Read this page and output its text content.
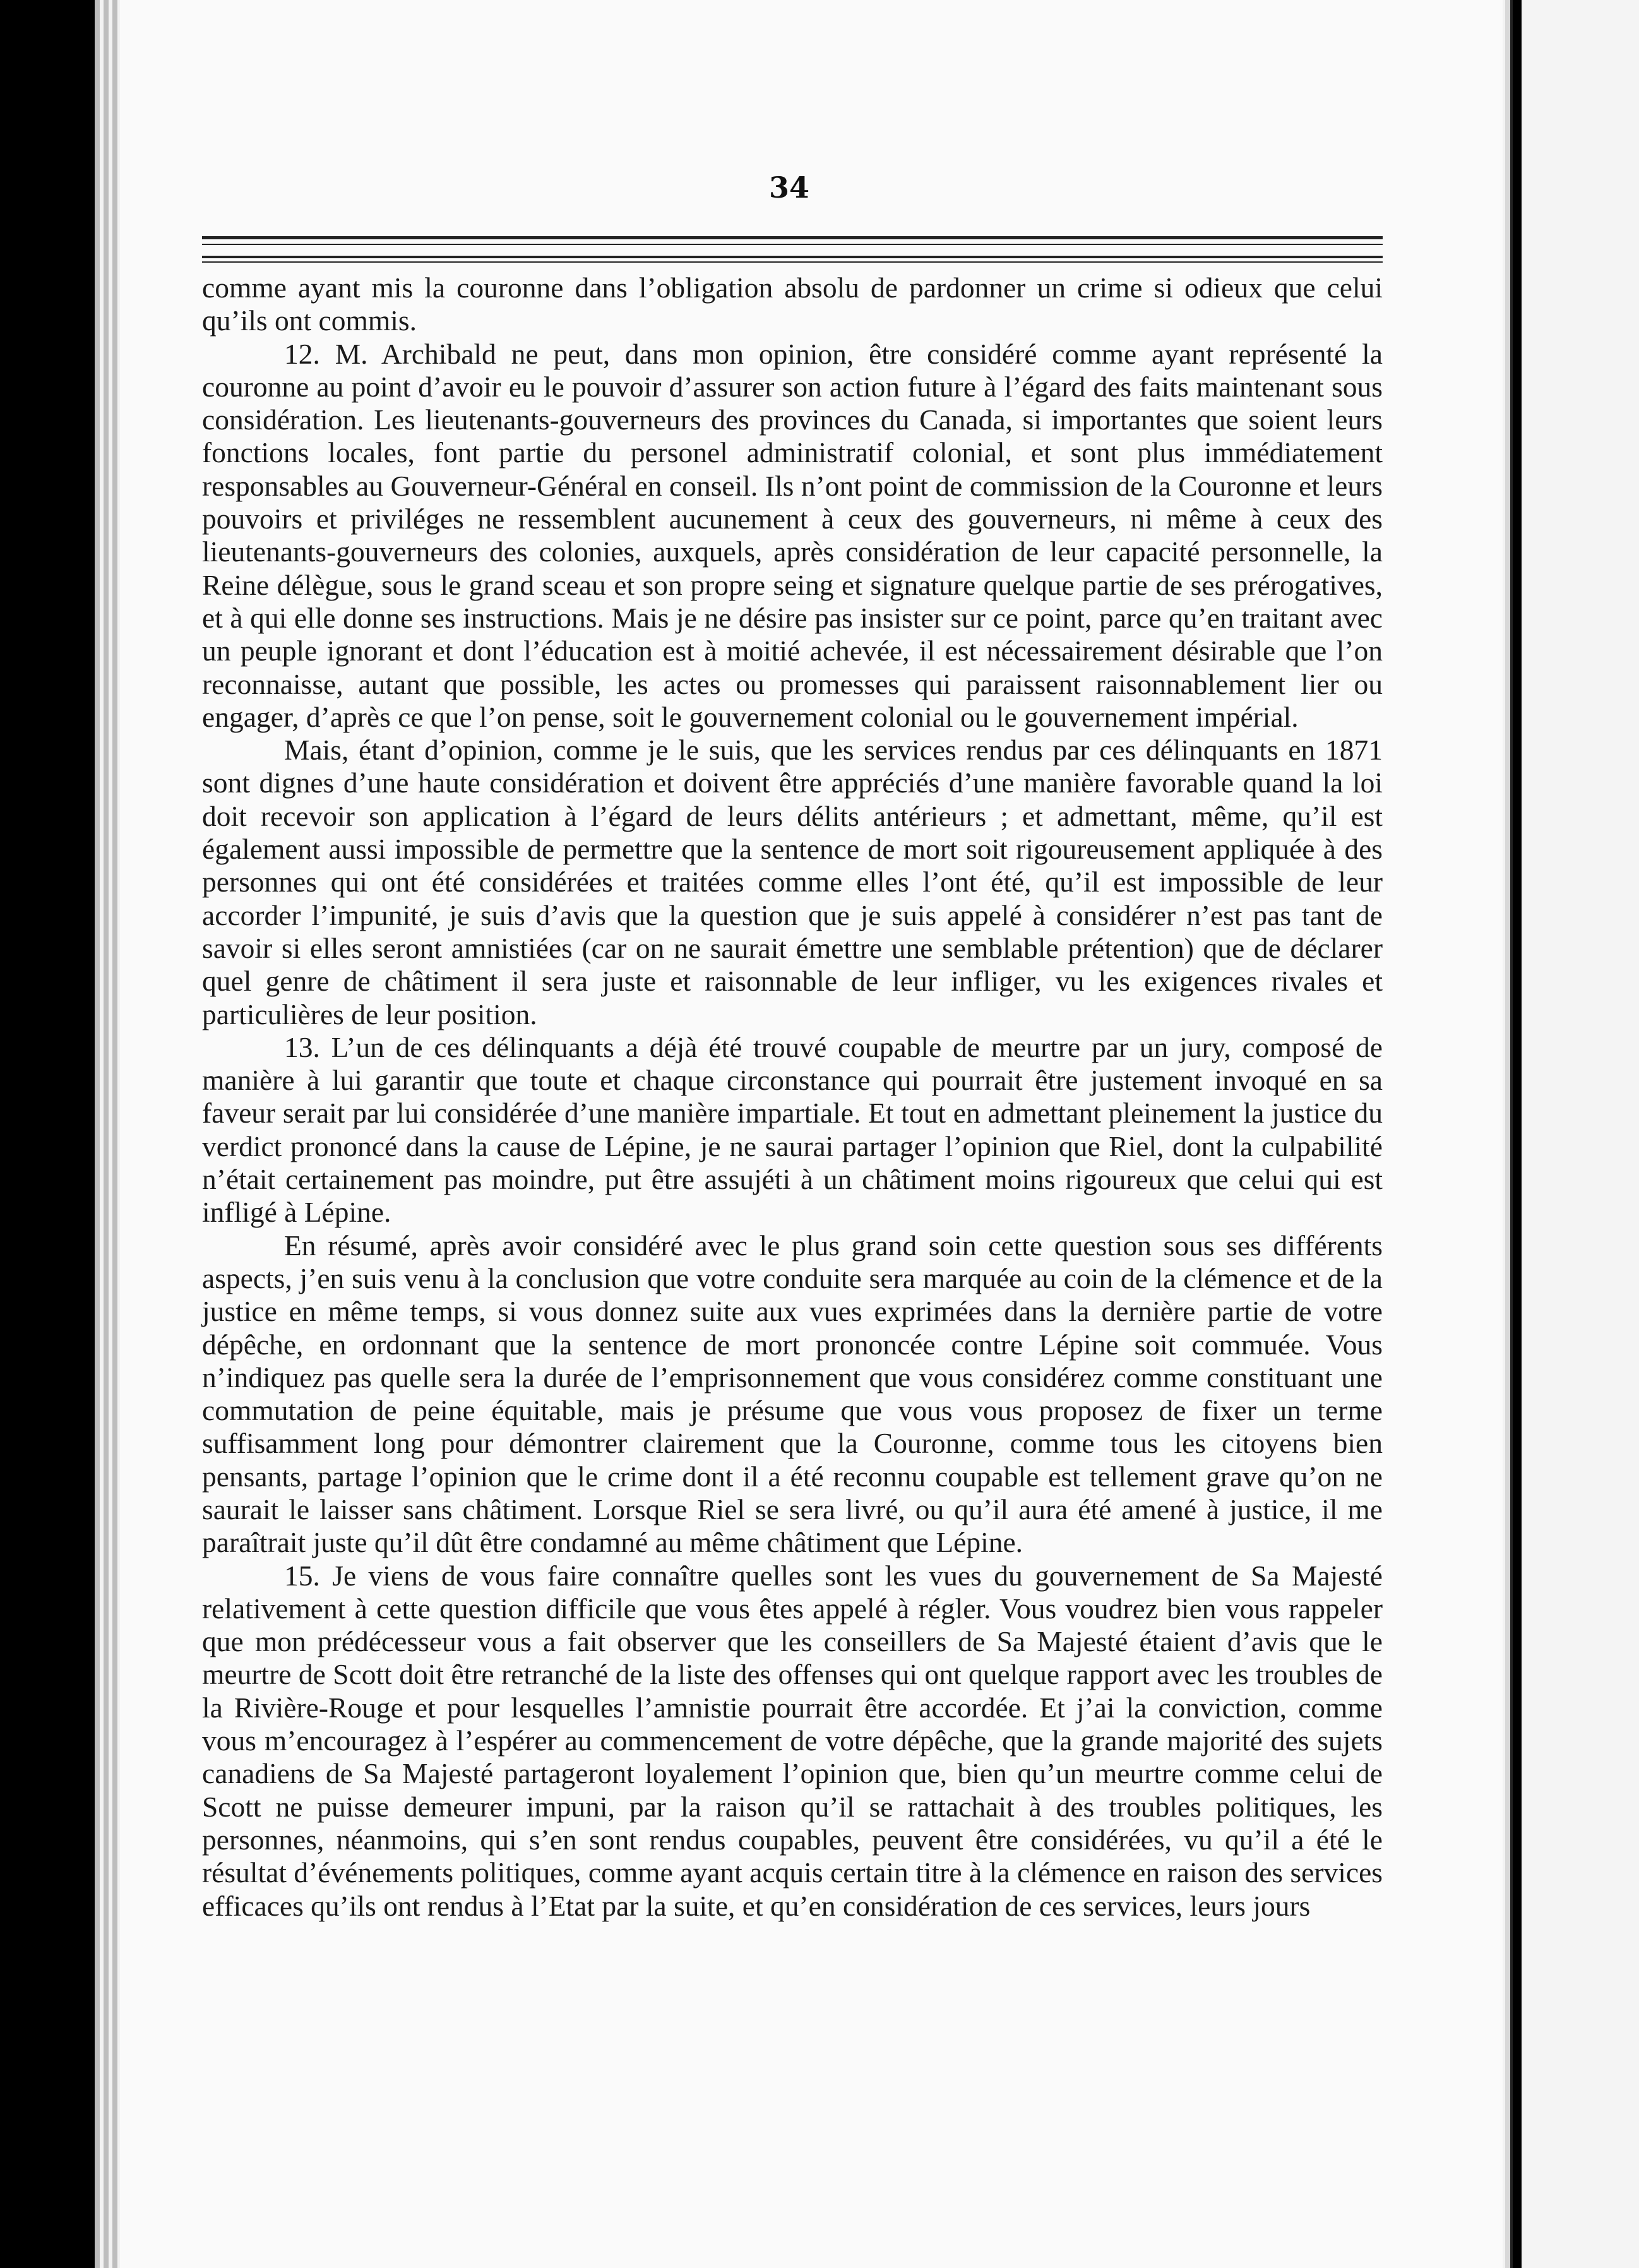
34

comme ayant mis la couronne dans l’obligation absolu de pardonner un crime si odieux que celui qu’ils ont commis.

12. M. Archibald ne peut, dans mon opinion, être considéré comme ayant représenté la couronne au point d’avoir eu le pouvoir d’assurer son action future à l’égard des faits maintenant sous considération. Les lieutenants-gouverneurs des provinces du Canada, si importantes que soient leurs fonctions locales, font partie du personel administratif colonial, et sont plus immédiatement responsables au Gouverneur-Général en conseil. Ils n’ont point de commission de la Couronne et leurs pouvoirs et priviléges ne ressemblent aucunement à ceux des gouverneurs, ni même à ceux des lieutenants-gouverneurs des colonies, auxquels, après considération de leur capacité personnelle, la Reine délègue, sous le grand sceau et son propre seing et signature quelque partie de ses prérogatives, et à qui elle donne ses instructions. Mais je ne désire pas insister sur ce point, parce qu’en traitant avec un peuple ignorant et dont l’éducation est à moitié achevée, il est nécessairement désirable que l’on reconnaisse, autant que possible, les actes ou promesses qui paraissent raisonnablement lier ou engager, d’après ce que l’on pense, soit le gouvernement colonial ou le gouvernement impérial.

Mais, étant d’opinion, comme je le suis, que les services rendus par ces délinquants en 1871 sont dignes d’une haute considération et doivent être appréciés d’une manière favorable quand la loi doit recevoir son application à l’égard de leurs délits antérieurs ; et admettant, même, qu’il est également aussi impossible de permettre que la sentence de mort soit rigoureusement appliquée à des personnes qui ont été considérées et traitées comme elles l’ont été, qu’il est impossible de leur accorder l’impunité, je suis d’avis que la question que je suis appelé à considérer n’est pas tant de savoir si elles seront amnistiées (car on ne saurait émettre une semblable prétention) que de déclarer quel genre de châtiment il sera juste et raisonnable de leur infliger, vu les exigences rivales et particulières de leur position.

13. L’un de ces délinquants a déjà été trouvé coupable de meurtre par un jury, composé de manière à lui garantir que toute et chaque circonstance qui pourrait être justement invoqué en sa faveur serait par lui considérée d’une manière impartiale. Et tout en admettant pleinement la justice du verdict prononcé dans la cause de Lépine, je ne saurai partager l’opinion que Riel, dont la culpabilité n’était certainement pas moindre, put être assujéti à un châtiment moins rigoureux que celui qui est infligé à Lépine.

En résumé, après avoir considéré avec le plus grand soin cette question sous ses différents aspects, j’en suis venu à la conclusion que votre conduite sera marquée au coin de la clémence et de la justice en même temps, si vous donnez suite aux vues exprimées dans la dernière partie de votre dépêche, en ordonnant que la sentence de mort prononcée contre Lépine soit commuée. Vous n’indiquez pas quelle sera la durée de l’emprisonnement que vous considérez comme constituant une commutation de peine équitable, mais je présume que vous vous proposez de fixer un terme suffisamment long pour démontrer clairement que la Couronne, comme tous les citoyens bien pensants, partage l’opinion que le crime dont il a été reconnu coupable est tellement grave qu’on ne saurait le laisser sans châtiment. Lorsque Riel se sera livré, ou qu’il aura été amené à justice, il me paraîtrait juste qu’il dût être condamné au même châtiment que Lépine.

15. Je viens de vous faire connaître quelles sont les vues du gouvernement de Sa Majesté relativement à cette question difficile que vous êtes appelé à régler. Vous voudrez bien vous rappeler que mon prédécesseur vous a fait observer que les conseillers de Sa Majesté étaient d’avis que le meurtre de Scott doit être retranché de la liste des offenses qui ont quelque rapport avec les troubles de la Rivière-Rouge et pour lesquelles l’amnistie pourrait être accordée. Et j’ai la conviction, comme vous m’encouragez à l’espérer au commencement de votre dépêche, que la grande majorité des sujets canadiens de Sa Majesté partageront loyalement l’opinion que, bien qu’un meurtre comme celui de Scott ne puisse demeurer impuni, par la raison qu’il se rattachait à des troubles politiques, les personnes, néanmoins, qui s’en sont rendus coupables, peuvent être considérées, vu qu’il a été le résultat d’événements politiques, comme ayant acquis certain titre à la clémence en raison des services efficaces qu’ils ont rendus à l’Etat par la suite, et qu’en considération de ces services, leurs jours
